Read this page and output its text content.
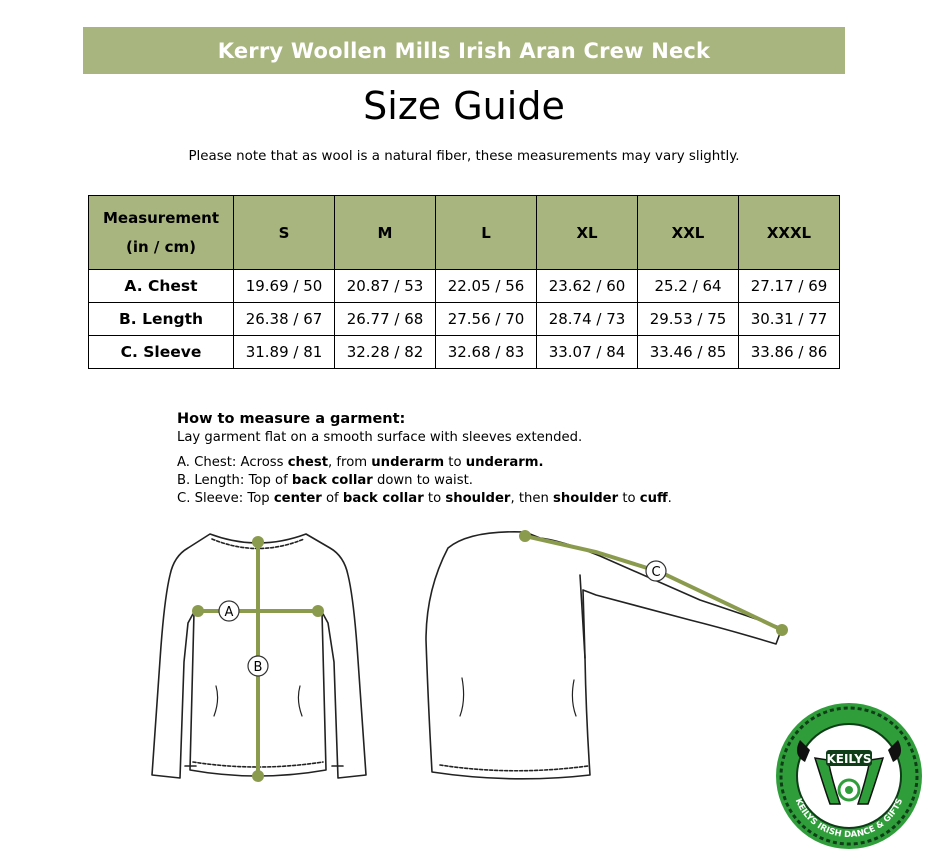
Kerry Woollen Mills Irish Aran Crew Neck
Size Guide
Please note that as wool is a natural fiber, these measurements may vary slightly.
Measurement
(in / cm)	S	M	L	XL	XXL	XXXL
A. Chest	19.69 / 50	20.87 / 53	22.05 / 56	23.62 / 60	25.2 / 64	27.17 / 69
B. Length	26.38 / 67	26.77 / 68	27.56 / 70	28.74 / 73	29.53 / 75	30.31 / 77
C. Sleeve	31.89 / 81	32.28 / 82	32.68 / 83	33.07 / 84	33.46 / 85	33.86 / 86
How to measure a garment:
Lay garment flat on a smooth surface with sleeves extended.
A. Chest: Across chest, from underarm to underarm.
B. Length: Top of back collar down to waist.
C. Sleeve: Top center of back collar to shoulder, then shoulder to cuff.
A
B
C
KEILYS
KEILYS IRISH DANCE & GIFTS
